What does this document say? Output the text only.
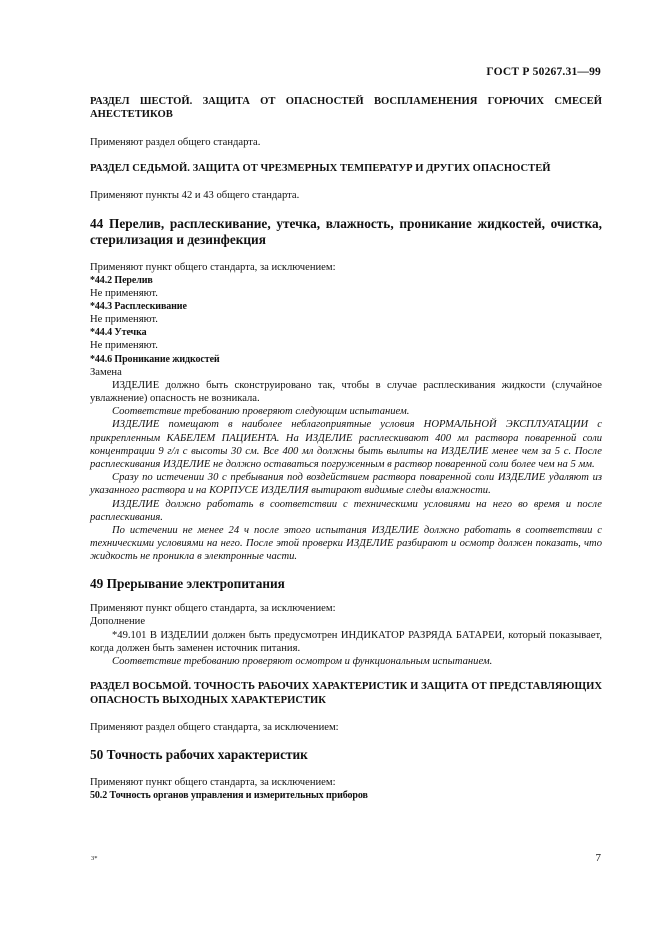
ГОСТ Р 50267.31—99

РАЗДЕЛ ШЕСТОЙ. ЗАЩИТА ОТ ОПАСНОСТЕЙ ВОСПЛАМЕНЕНИЯ ГОРЮЧИХ СМЕСЕЙ АНЕСТЕТИКОВ

Применяют раздел общего стандарта.

РАЗДЕЛ СЕДЬМОЙ. ЗАЩИТА ОТ ЧРЕЗМЕРНЫХ ТЕМПЕРАТУР И ДРУГИХ ОПАСНОСТЕЙ

Применяют пункты 42 и 43 общего стандарта.

44 Перелив, расплескивание, утечка, влажность, проникание жидкостей, очистка, стерилизация и дезинфекция

Применяют пункт общего стандарта, за исключением:

*44.2 Перелив

Не применяют.

*44.3 Расплескивание

Не применяют.

*44.4 Утечка

Не применяют.

*44.6 Проникание жидкостей

Замена

ИЗДЕЛИЕ должно быть сконструировано так, чтобы в случае расплескивания жидкости (случайное увлажнение) опасность не возникала.

Соответствие требованию проверяют следующим испытанием.

ИЗДЕЛИЕ помещают в наиболее неблагоприятные условия НОРМАЛЬНОЙ ЭКСПЛУАТАЦИИ с прикрепленным КАБЕЛЕМ ПАЦИЕНТА. На ИЗДЕЛИЕ расплескивают 400 мл раствора поваренной соли концентрации 9 г/л с высоты 30 см. Все 400 мл должны быть вылиты на ИЗДЕЛИЕ менее чем за 5 с. После расплескивания ИЗДЕЛИЕ не должно оставаться погруженным в раствор поваренной соли более чем на 5 мм.

Сразу по истечении 30 с пребывания под воздействием раствора поваренной соли ИЗДЕЛИЕ удаляют из указанного раствора и на КОРПУСЕ ИЗДЕЛИЯ вытирают видимые следы влажности.

ИЗДЕЛИЕ должно работать в соответствии с техническими условиями на него во время и после расплескивания.

По истечении не менее 24 ч после этого испытания ИЗДЕЛИЕ должно работать в соответствии с техническими условиями на него. После этой проверки ИЗДЕЛИЕ разбирают и осмотр должен показать, что жидкость не проникла в электронные части.

49 Прерывание электропитания

Применяют пункт общего стандарта, за исключением:

Дополнение

*49.101 В ИЗДЕЛИИ должен быть предусмотрен ИНДИКАТОР РАЗРЯДА БАТАРЕИ, который показывает, когда должен быть заменен источник питания.

Соответствие требованию проверяют осмотром и функциональным испытанием.

РАЗДЕЛ ВОСЬМОЙ. ТОЧНОСТЬ РАБОЧИХ ХАРАКТЕРИСТИК И ЗАЩИТА ОТ ПРЕДСТАВЛЯЮЩИХ ОПАСНОСТЬ ВЫХОДНЫХ ХАРАКТЕРИСТИК

Применяют раздел общего стандарта, за исключением:

50 Точность рабочих характеристик

Применяют пункт общего стандарта, за исключением:

50.2 Точность органов управления и измерительных приборов

3*	7
